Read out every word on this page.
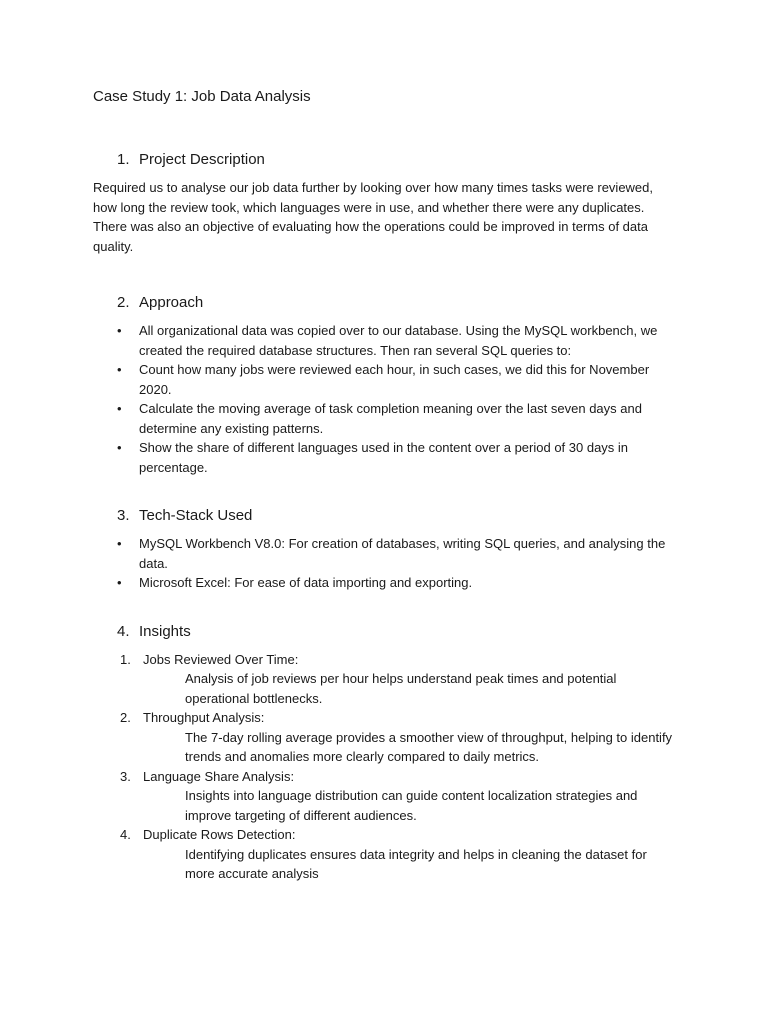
Case Study 1: Job Data Analysis
1. Project Description

Required us to analyse our job data further by looking over how many times tasks were reviewed, how long the review took, which languages were in use, and whether there were any duplicates. There was also an objective of evaluating how the operations could be improved in terms of data quality.

2. Approach
• All organizational data was copied over to our database. Using the MySQL workbench, we created the required database structures. Then ran several SQL queries to:
• Count how many jobs were reviewed each hour, in such cases, we did this for November 2020.
• Calculate the moving average of task completion meaning over the last seven days and determine any existing patterns.
• Show the share of different languages used in the content over a period of 30 days in percentage.
3. Tech-Stack Used
• MySQL Workbench V8.0: For creation of databases, writing SQL queries, and analysing the data.
• Microsoft Excel: For ease of data importing and exporting.
4. Insights
1. Jobs Reviewed Over Time:
Analysis of job reviews per hour helps understand peak times and potential operational bottlenecks.
2. Throughput Analysis:
The 7-day rolling average provides a smoother view of throughput, helping to identify trends and anomalies more clearly compared to daily metrics.
3. Language Share Analysis:
Insights into language distribution can guide content localization strategies and improve targeting of different audiences.
4. Duplicate Rows Detection:
Identifying duplicates ensures data integrity and helps in cleaning the dataset for more accurate analysis
